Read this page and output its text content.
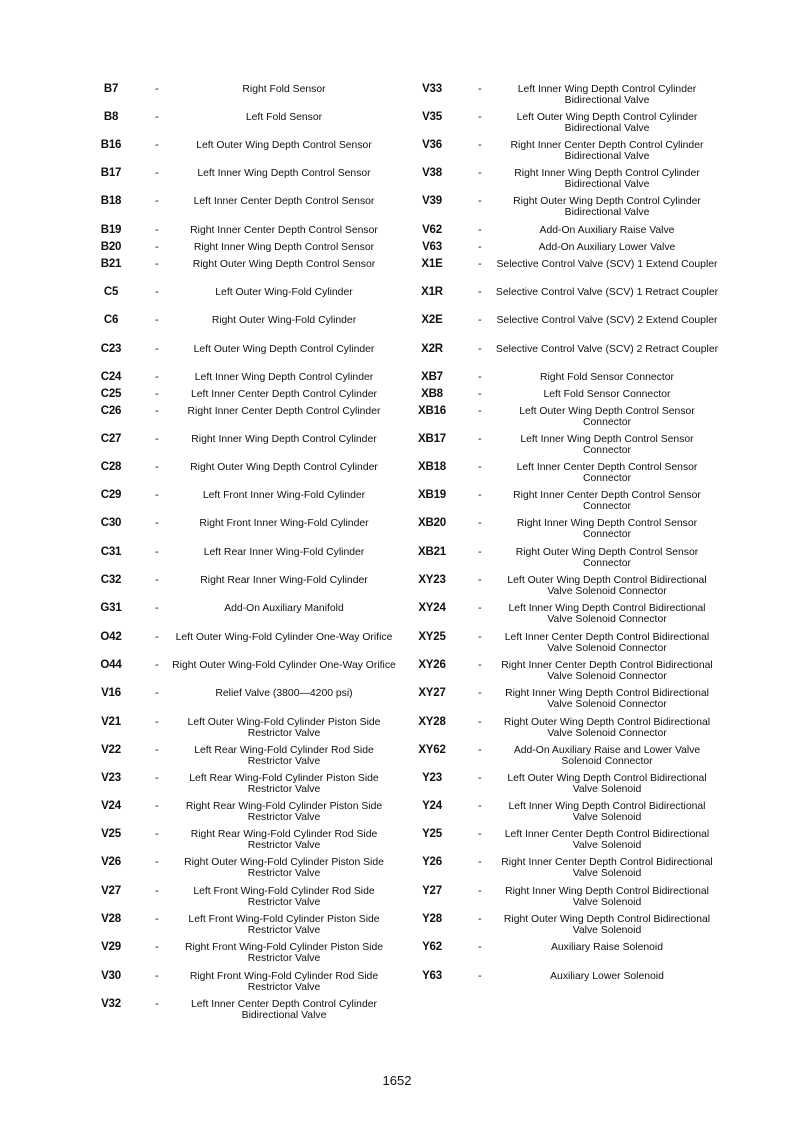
B7	-	Right Fold Sensor
B8	-	Left Fold Sensor
B16	-	Left Outer Wing Depth Control Sensor
B17	-	Left Inner Wing Depth Control Sensor
B18	-	Left Inner Center Depth Control Sensor
B19	-	Right Inner Center Depth Control Sensor
B20	-	Right Inner Wing Depth Control Sensor
B21	-	Right Outer Wing Depth Control Sensor
C5	-	Left Outer Wing-Fold Cylinder
C6	-	Right Outer Wing-Fold Cylinder
C23	-	Left Outer Wing Depth Control Cylinder
C24	-	Left Inner Wing Depth Control Cylinder
C25	-	Left Inner Center Depth Control Cylinder
C26	-	Right Inner Center Depth Control Cylinder
C27	-	Right Inner Wing Depth Control Cylinder
C28	-	Right Outer Wing Depth Control Cylinder
C29	-	Left Front Inner Wing-Fold Cylinder
C30	-	Right Front Inner Wing-Fold Cylinder
C31	-	Left Rear Inner Wing-Fold Cylinder
C32	-	Right Rear Inner Wing-Fold Cylinder
G31	-	Add-On Auxiliary Manifold
O42	-	Left Outer Wing-Fold Cylinder One-Way Orifice
O44	- Right Outer Wing-Fold Cylinder One-Way Orifice
V16	-	Relief Valve (3800—4200 psi)
V21	-	Left Outer Wing-Fold Cylinder Piston Side Restrictor Valve
V22	-	Left Rear Wing-Fold Cylinder Rod Side Restrictor Valve
V23	-	Left Rear Wing-Fold Cylinder Piston Side Restrictor Valve
V24	-	Right Rear Wing-Fold Cylinder Piston Side Restrictor Valve
V25	-	Right Rear Wing-Fold Cylinder Rod Side Restrictor Valve
V26	-	Right Outer Wing-Fold Cylinder Piston Side Restrictor Valve
V27	-	Left Front Wing-Fold Cylinder Rod Side Restrictor Valve
V28	-	Left Front Wing-Fold Cylinder Piston Side Restrictor Valve
V29	-	Right Front Wing-Fold Cylinder Piston Side Restrictor Valve
V30	-	Right Front Wing-Fold Cylinder Rod Side Restrictor Valve
V32	-	Left Inner Center Depth Control Cylinder Bidirectional Valve
V33	-	Left Inner Wing Depth Control Cylinder Bidirectional Valve
V35	-	Left Outer Wing Depth Control Cylinder Bidirectional Valve
V36	-	Right Inner Center Depth Control Cylinder Bidirectional Valve
V38	-	Right Inner Wing Depth Control Cylinder Bidirectional Valve
V39	-	Right Outer Wing Depth Control Cylinder Bidirectional Valve
V62	-	Add-On Auxiliary Raise Valve
V63	-	Add-On Auxiliary Lower Valve
X1E	- Selective Control Valve (SCV) 1 Extend Coupler
X1R	- Selective Control Valve (SCV) 1 Retract Coupler
X2E	- Selective Control Valve (SCV) 2 Extend Coupler
X2R	- Selective Control Valve (SCV) 2 Retract Coupler
XB7	-	Right Fold Sensor Connector
XB8	-	Left Fold Sensor Connector
XB16	-	Left Outer Wing Depth Control Sensor Connector
XB17	-	Left Inner Wing Depth Control Sensor Connector
XB18	-	Left Inner Center Depth Control Sensor Connector
XB19	-	Right Inner Center Depth Control Sensor Connector
XB20	-	Right Inner Wing Depth Control Sensor Connector
XB21	-	Right Outer Wing Depth Control Sensor Connector
XY23	-	Left Outer Wing Depth Control Bidirectional Valve Solenoid Connector
XY24	-	Left Inner Wing Depth Control Bidirectional Valve Solenoid Connector
XY25	-	Left Inner Center Depth Control Bidirectional Valve Solenoid Connector
XY26	-	Right Inner Center Depth Control Bidirectional Valve Solenoid Connector
XY27	-	Right Inner Wing Depth Control Bidirectional Valve Solenoid Connector
XY28	-	Right Outer Wing Depth Control Bidirectional Valve Solenoid Connector
XY62	-	Add-On Auxiliary Raise and Lower Valve Solenoid Connector
Y23	-	Left Outer Wing Depth Control Bidirectional Valve Solenoid
Y24	-	Left Inner Wing Depth Control Bidirectional Valve Solenoid
Y25	-	Left Inner Center Depth Control Bidirectional Valve Solenoid
Y26	-	Right Inner Center Depth Control Bidirectional Valve Solenoid
Y27	-	Right Inner Wing Depth Control Bidirectional Valve Solenoid
Y28	-	Right Outer Wing Depth Control Bidirectional Valve Solenoid
Y62	-	Auxiliary Raise Solenoid
Y63	-	Auxiliary Lower Solenoid
1652
